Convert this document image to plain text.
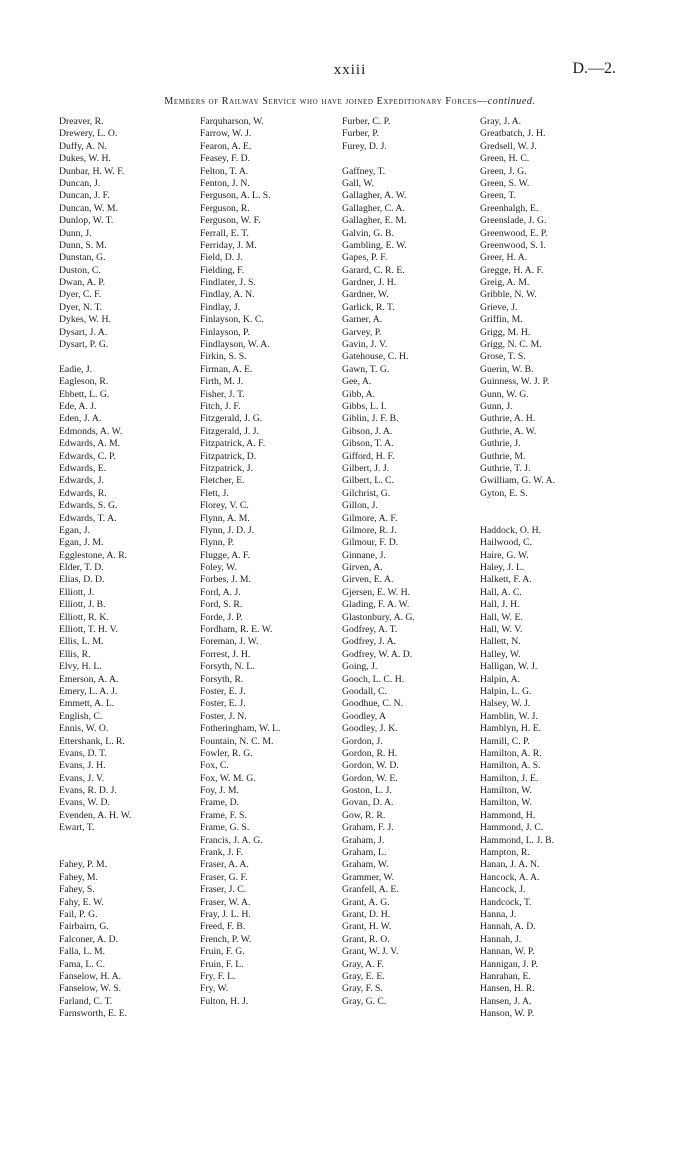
xxiii	D.—2.
Members of Railway Service who have joined Expeditionary Forces—continued.
Dreaver, R.
Drewery, L. O.
Duffy, A. N.
Dukes, W. H.
Dunbar, H. W. F.
Duncan, J.
Duncan, J. F.
Duncan, W. M.
Dunlop, W. T.
Dunn, J.
Dunn, S. M.
Dunstan, G.
Duston, C.
Dwan, A. P.
Dyer, C. F.
Dyer, N. T.
Dykes, W. H.
Dysart, J. A.
Dysart, P. G.
Eadie, J.
Eagleson, R.
Ebbett, L. G.
Ede, A. J.
Eden, J. A.
Edmonds, A. W.
Edwards, A. M.
Edwards, C. P.
Edwards, E.
Edwards, J.
Edwards, R.
Edwards, S. G.
Edwards, T. A.
Egan, J.
Egan, J. M.
Egglestone, A. R.
Elder, T. D.
Elias, D. D.
Elliott, J.
Elliott, J. B.
Elliott, R. K.
Elliott, T. H. V.
Ellis, L. M.
Ellis, R.
Elvy, H. L.
Emerson, A. A.
Emery, L. A. J.
Emmett, A. L.
English, C.
Ennis, W. O.
Ettershank, L. R.
Evans, D. T.
Evans, J. H.
Evans, J. V.
Evans, R. D. J.
Evans, W. D.
Evenden, A. H. W.
Ewart, T.
Fahey, P. M.
Fahey, M.
Fahey, S.
Fahy, E. W.
Fail, P. G.
Fairbairn, G.
Falconer, A. D.
Falla, L. M.
Fama, L. C.
Fanselow, H. A.
Fanselow, W. S.
Farland, C. T.
Farnsworth, E. E.
Farquharson, W.
Farrow, W. J.
Fearon, A. E.
Feasey, F. D.
Felton, T. A.
Fenton, J. N.
Ferguson, A. L. S.
Ferguson, R.
Ferguson, W. F.
Ferrall, E. T.
Ferriday, J. M.
Field, D. J.
Fielding, F.
Findlater, J. S.
Findlay, A. N.
Findlay, J.
Finlayson, K. C.
Finlayson, P.
Findlayson, W. A.
Firkin, S. S.
Firman, A. E.
Firth, M. J.
Fisher, J. T.
Fitch, J. F.
Fitzgerald, J. G.
Fitzgerald, J. J.
Fitzpatrick, A. F.
Fitzpatrick, D.
Fitzpatrick, J.
Fletcher, E.
Flett, J.
Florey, V. C.
Flynn, A. M.
Flynn, J. D. J.
Flynn, P.
Flugge, A. F.
Foley, W.
Forbes, J. M.
Ford, A. J.
Ford, S. R.
Forde, J. P.
Fordham, R. E. W.
Foreman, J. W.
Forrest, J. H.
Forsyth, N. L.
Forsyth, R.
Foster, E. J.
Foster, E. J.
Foster, J. N.
Fotheringham, W. L.
Fountain, N. C. M.
Fowler, R. G.
Fox, C.
Fox, W. M. G.
Foy, J. M.
Frame, D.
Frame, F. S.
Frame, G. S.
Francis, J. A. G.
Frank, J. F.
Fraser, A. A.
Fraser, G. F.
Fraser, J. C.
Fraser, W. A.
Fray, J. L. H.
Freed, F. B.
French, P. W.
Fruin, F. G.
Fruin, F. L.
Fry, F. L.
Fry, W.
Fulton, H. J.
Furber, C. P.
Furber, P.
Furey, D. J.
Gaffney, T.
Gall, W.
Gallagher, A. W.
Gallagher, C. A.
Gallagher, E. M.
Galvin, G. B.
Gambling, E. W.
Gapes, P. F.
Garard, C. R. E.
Gardner, J. H.
Gardner, W.
Garlick, R. T.
Garner, A.
Garvey, P.
Gavin, J. V.
Gatehouse, C. H.
Gawn, T. G.
Gee, A.
Gibb, A.
Gibbs, L. I.
Giblin, J. F. B.
Gibson, J. A.
Gibson, T. A.
Gifford, H. F.
Gilbert, J. J.
Gilbert, L. C.
Gilchrist, G.
Gillon, J.
Gilmore, A. F.
Gilmore, R. J.
Gilmour, F. D.
Ginnane, J.
Girven, A.
Girven, E. A.
Gjersen, E. W. H.
Glading, F. A. W.
Glastonbury, A. G.
Godfrey, A. T.
Godfrey, J. A.
Godfrey, W. A. D.
Going, J.
Gooch, L. C. H.
Goodall, C.
Goodhue, C. N.
Goodley, A
Goodley, J. K.
Gordon, J.
Gordon, R. H.
Gordon, W. D.
Gordon, W. E.
Goston, L. J.
Govan, D. A.
Gow, R. R.
Graham, F. J.
Graham, J.
Graham, L.
Graham, W.
Grammer, W.
Granfell, A. E.
Grant, A. G.
Grant, D. H.
Grant, H. W.
Grant, R. O.
Grant, W. J. V.
Gray, A. F.
Gray, E. E.
Gray, F. S.
Gray, G. C.
Gray, J. A.
Greatbatch, J. H.
Gredsell, W. J.
Green, H. C.
Green, J. G.
Green, S. W.
Green, T.
Greenhalgh, E.
Greenslade, J. G.
Greenwood, E. P.
Greenwood, S. I.
Greer, H. A.
Gregge, H. A. F.
Greig, A. M.
Gribble, N. W.
Grieve, J.
Griffin, M.
Grigg, M. H.
Grigg, N. C. M.
Grose, T. S.
Guerin, W. B.
Guinness, W. J. P.
Gunn, W. G.
Gunn, J.
Guthrie, A. H.
Guthrie, A. W.
Guthrie, J.
Guthrie, M.
Guthrie, T. J.
Gwilliam, G. W. A.
Gyton, E. S.
Haddock, O. H.
Hailwood, C.
Haire, G. W.
Haley, J. L.
Halkett, F. A.
Hall, A. C.
Hall, J. H.
Hall, W. E.
Hall, W. V.
Hallett, N.
Halley, W.
Halligan, W. J.
Halpin, A.
Halpin, L. G.
Halsey, W. J.
Hamblin, W. J.
Hamblyn, H. E.
Hamill, C. P.
Hamilton, A. R.
Hamilton, A. S.
Hamilton, J. E.
Hamilton, W.
Hamilton, W.
Hammond, H.
Hammond, J. C.
Hammond, L. J. B.
Hampton, R.
Hanan, J. A. N.
Hancock, A. A.
Hancock, J.
Handcock, T.
Hanna, J.
Hannah, A. D.
Hannah, J.
Hannan, W. P.
Hannigan, J. P.
Hanrahan, E.
Hansen, H. R.
Hansen, J. A.
Hanson, W. P.
